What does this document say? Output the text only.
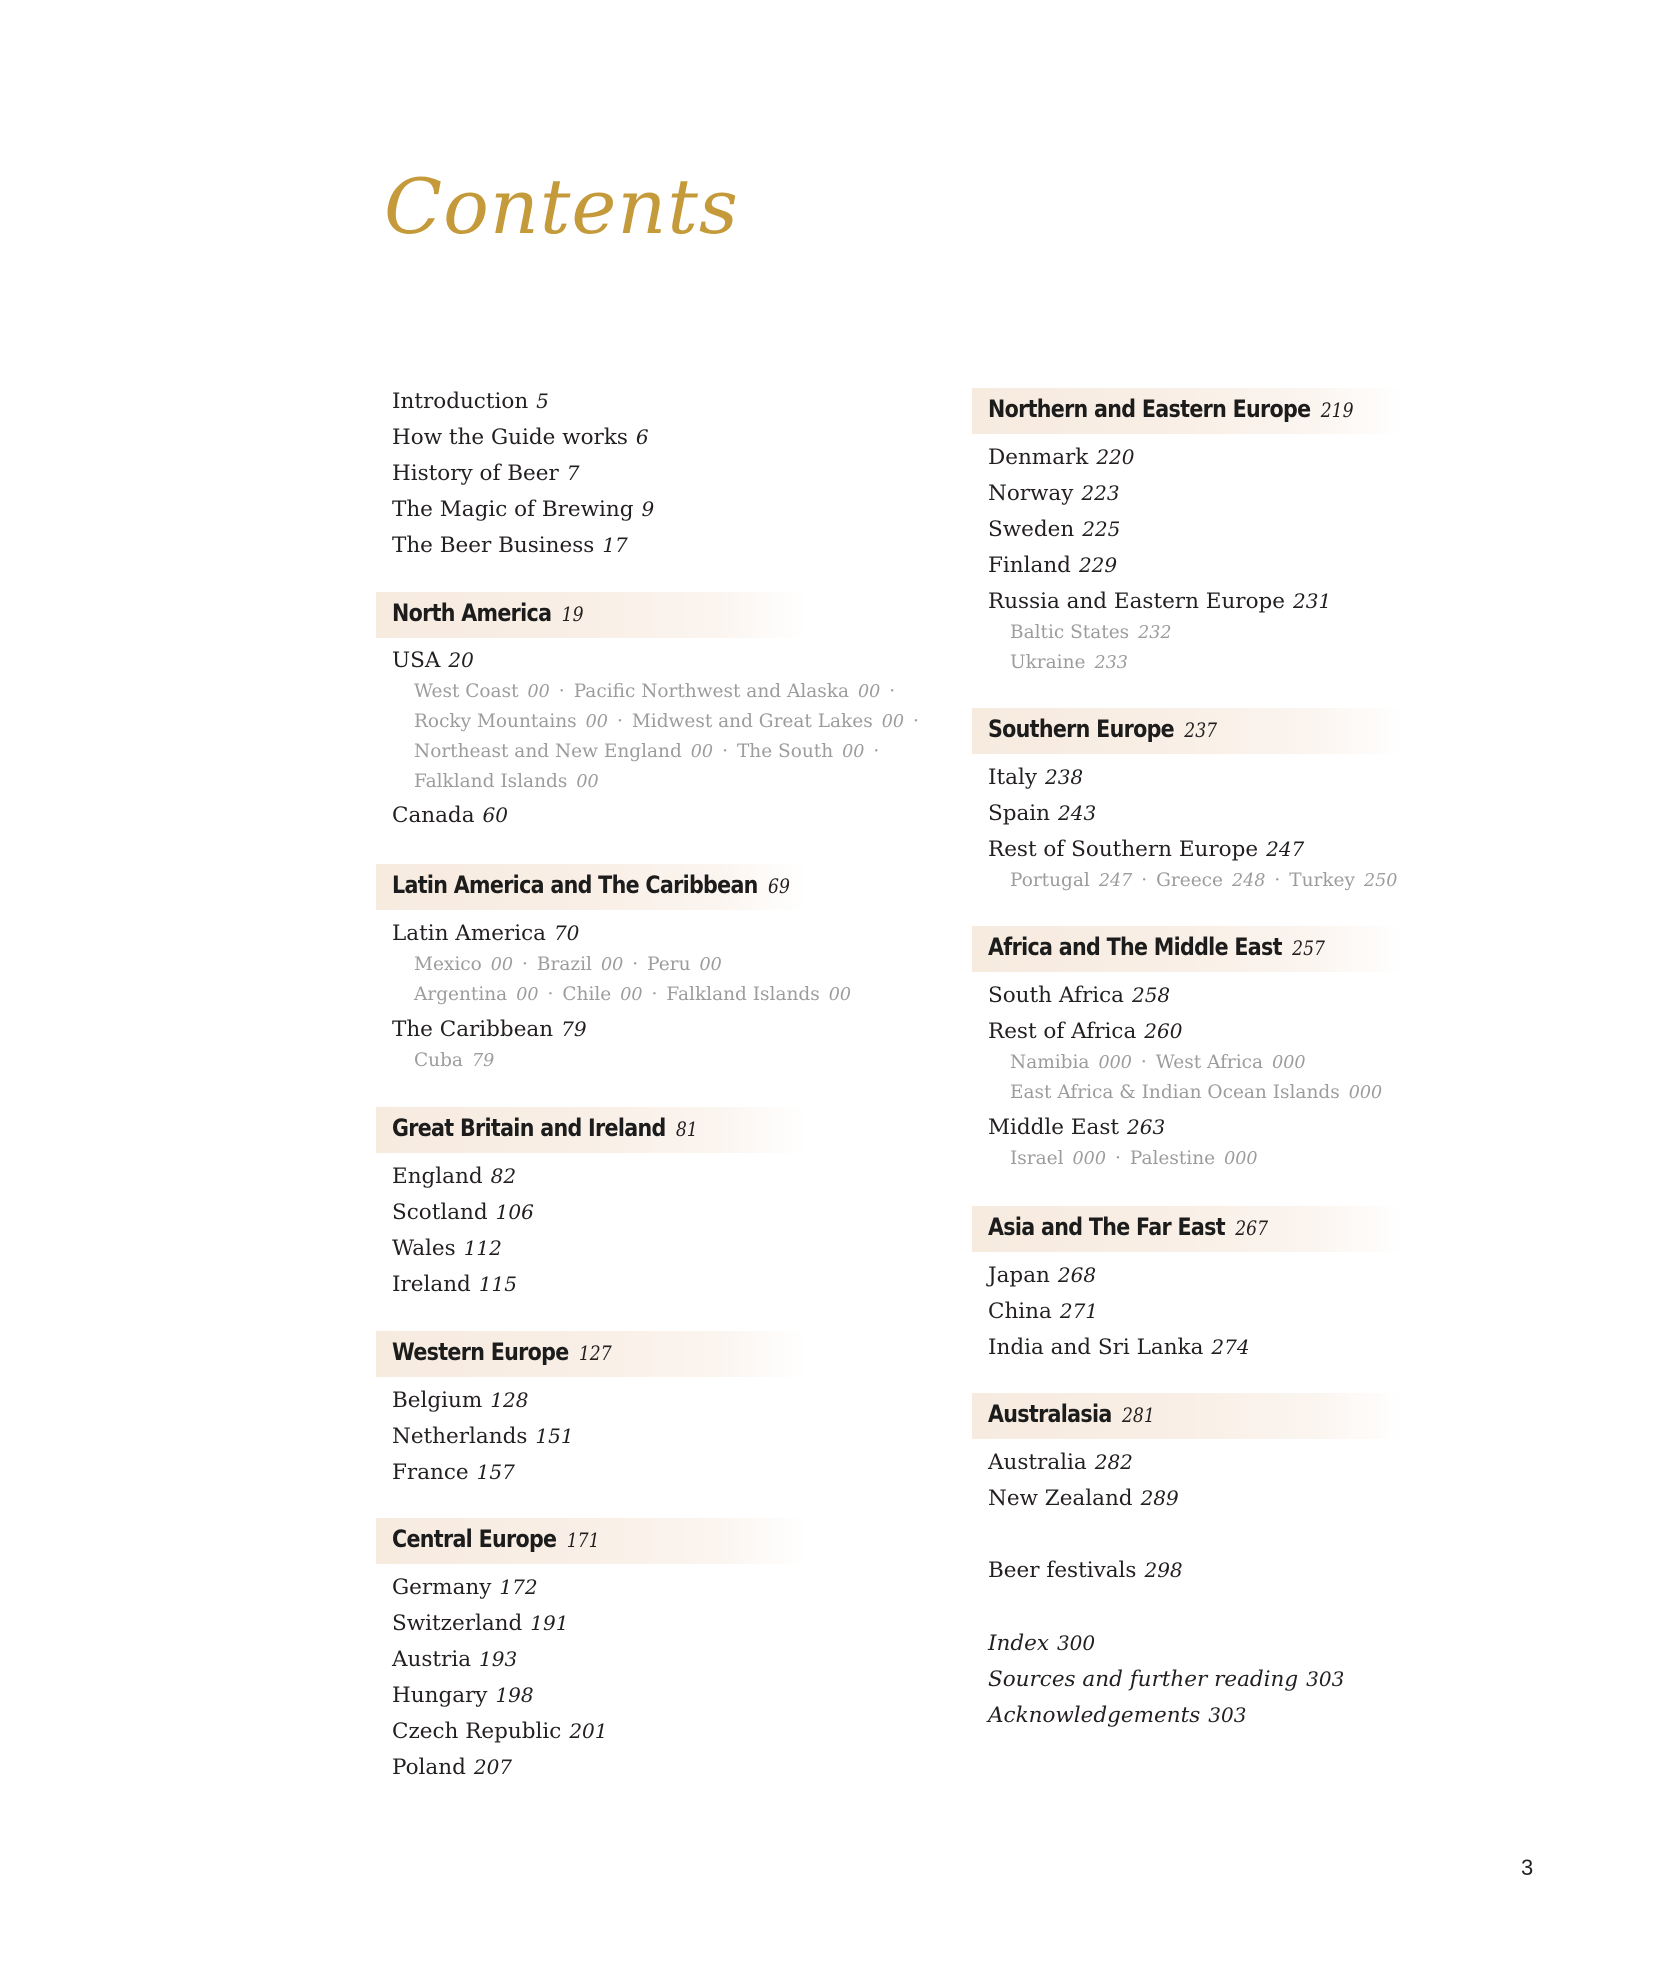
Contents
Introduction 5
How the Guide works 6
History of Beer 7
The Magic of Brewing 9
The Beer Business 17
North America 19
USA 20
West Coast 00 · Pacific Northwest and Alaska 00 ·
Rocky Mountains 00 · Midwest and Great Lakes 00 ·
Northeast and New England 00 · The South 00 ·
Falkland Islands 00
Canada 60
Latin America and The Caribbean 69
Latin America 70
Mexico 00 · Brazil 00 · Peru 00
Argentina 00 · Chile 00 · Falkland Islands 00
The Caribbean 79
Cuba 79
Great Britain and Ireland 81
England 82
Scotland 106
Wales 112
Ireland 115
Western Europe 127
Belgium 128
Netherlands 151
France 157
Central Europe 171
Germany 172
Switzerland 191
Austria 193
Hungary 198
Czech Republic 201
Poland 207
Northern and Eastern Europe 219
Denmark 220
Norway 223
Sweden 225
Finland 229
Russia and Eastern Europe 231
Baltic States 232
Ukraine 233
Southern Europe 237
Italy 238
Spain 243
Rest of Southern Europe 247
Portugal 247 · Greece 248 · Turkey 250
Africa and The Middle East 257
South Africa 258
Rest of Africa 260
Namibia 000 · West Africa 000
East Africa & Indian Ocean Islands 000
Middle East 263
Israel 000 · Palestine 000
Asia and The Far East 267
Japan 268
China 271
India and Sri Lanka 274
Australasia 281
Australia 282
New Zealand 289
Beer festivals 298
Index 300
Sources and further reading 303
Acknowledgements 303
3
